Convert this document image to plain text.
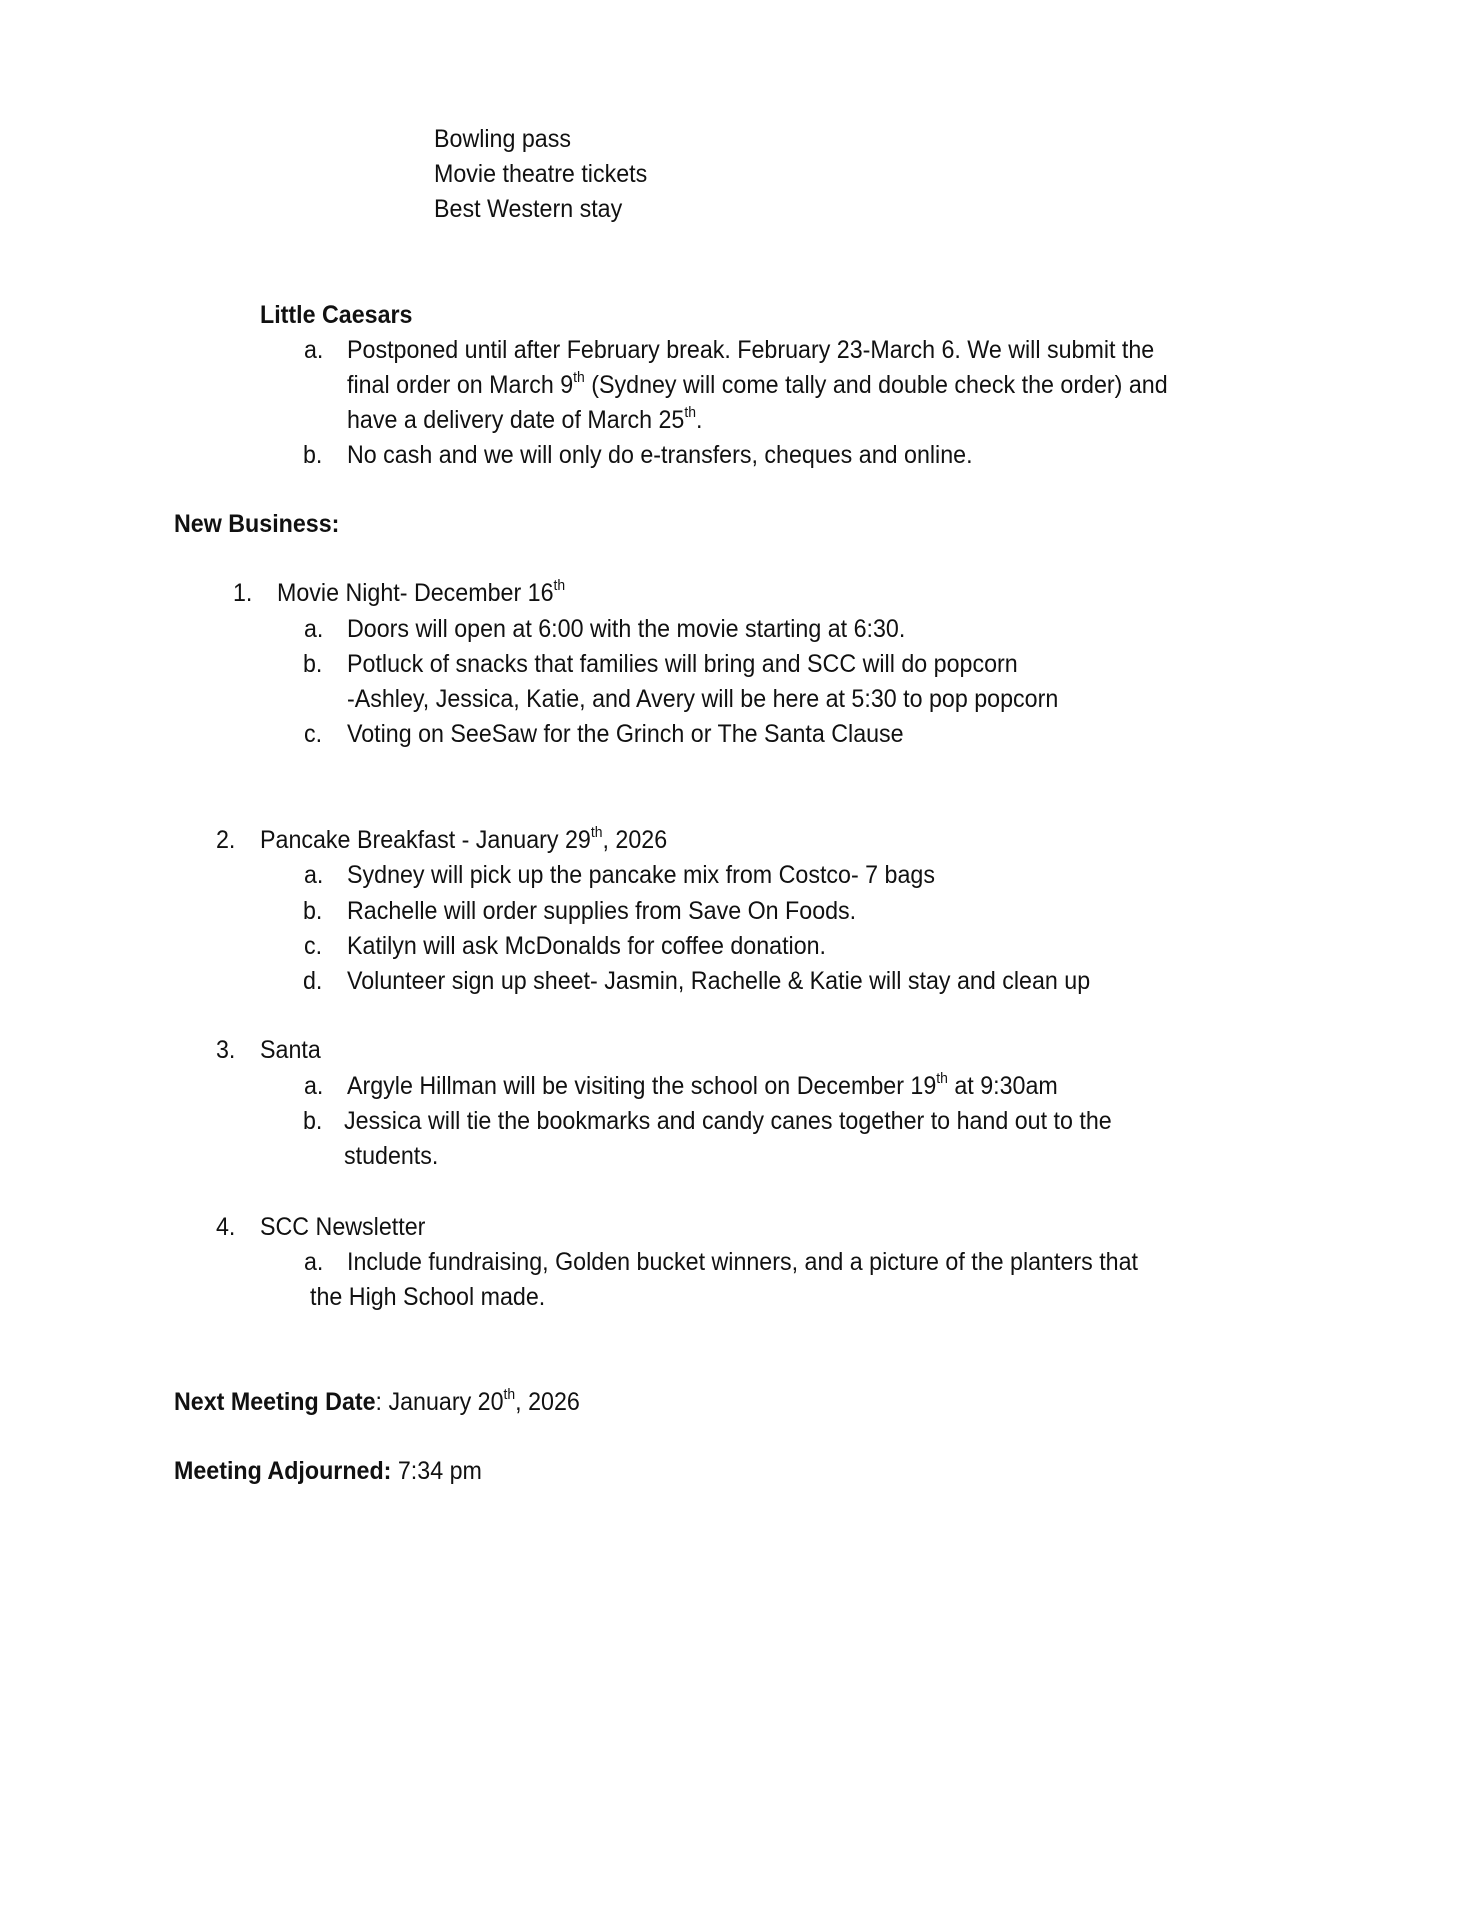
Bowling pass
Movie theatre tickets
Best Western stay
Little Caesars
a. Postponed until after February break. February 23-March 6. We will submit the
final order on March 9th (Sydney will come tally and double check the order) and
have a delivery date of March 25th.
b. No cash and we will only do e-transfers, cheques and online.
New Business:
1. Movie Night- December 16th
a. Doors will open at 6:00 with the movie starting at 6:30.
b. Potluck of snacks that families will bring and SCC will do popcorn
-Ashley, Jessica, Katie, and Avery will be here at 5:30 to pop popcorn
c. Voting on SeeSaw for the Grinch or The Santa Clause
2. Pancake Breakfast - January 29th, 2026
a. Sydney will pick up the pancake mix from Costco- 7 bags
b. Rachelle will order supplies from Save On Foods.
c. Katilyn will ask McDonalds for coffee donation.
d. Volunteer sign up sheet- Jasmin, Rachelle & Katie will stay and clean up
3. Santa
a. Argyle Hillman will be visiting the school on December 19th at 9:30am
b. Jessica will tie the bookmarks and candy canes together to hand out to the
students.
4. SCC Newsletter
a. Include fundraising, Golden bucket winners, and a picture of the planters that
the High School made.
Next Meeting Date: January 20th, 2026
Meeting Adjourned: 7:34 pm
